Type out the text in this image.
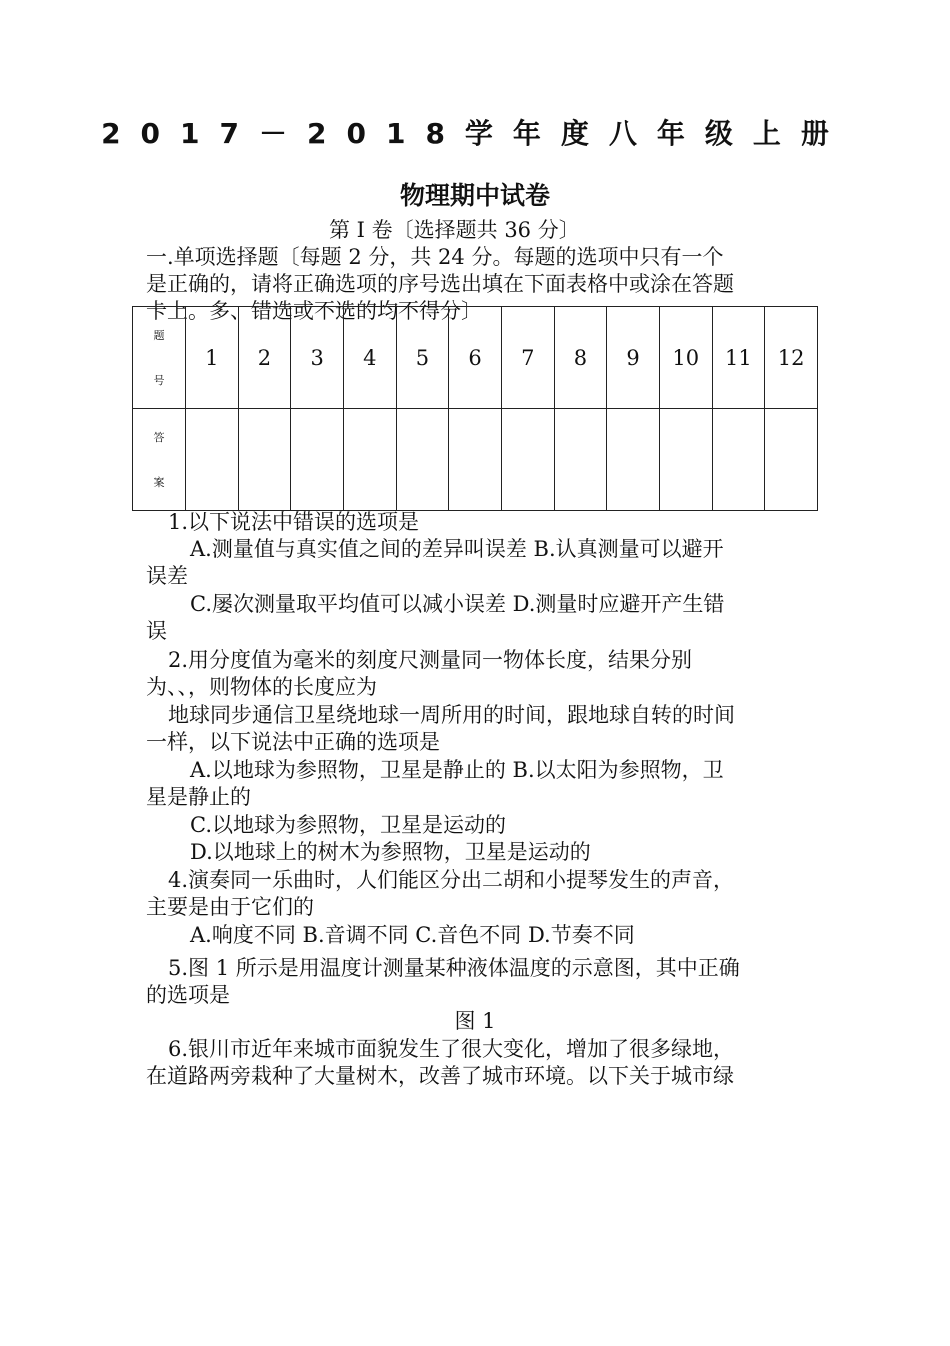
2017－2018学年度八年级上册
物理期中试卷
第 I 卷〔选择题共 36 分〕
一.单项选择题〔每题 2 分，共 24 分。每题的选项中只有一个
是正确的，请将正确选项的序号选出填在下面表格中或涂在答题
卡上。多、错选或不选的均不得分〕
题
号	1	2	3	4	5	6	7	8	9	10	11	12

答
案												

1.以下说法中错误的选项是
A.测量值与真实值之间的差异叫误差 B.认真测量可以避开
误差
C.屡次测量取平均值可以减小误差 D.测量时应避开产生错
误
2.用分度值为毫米的刻度尺测量同一物体长度，结果分别
为、、，则物体的长度应为
地球同步通信卫星绕地球一周所用的时间，跟地球自转的时间
一样，以下说法中正确的选项是
A.以地球为参照物，卫星是静止的 B.以太阳为参照物，卫
星是静止的
C.以地球为参照物，卫星是运动的
D.以地球上的树木为参照物，卫星是运动的
4.演奏同一乐曲时，人们能区分出二胡和小提琴发生的声音，
主要是由于它们的
A.响度不同 B.音调不同 C.音色不同 D.节奏不同
5.图 1 所示是用温度计测量某种液体温度的示意图，其中正确
的选项是
图 1
6.银川市近年来城市面貌发生了很大变化，增加了很多绿地，
在道路两旁栽种了大量树木，改善了城市环境。以下关于城市绿
